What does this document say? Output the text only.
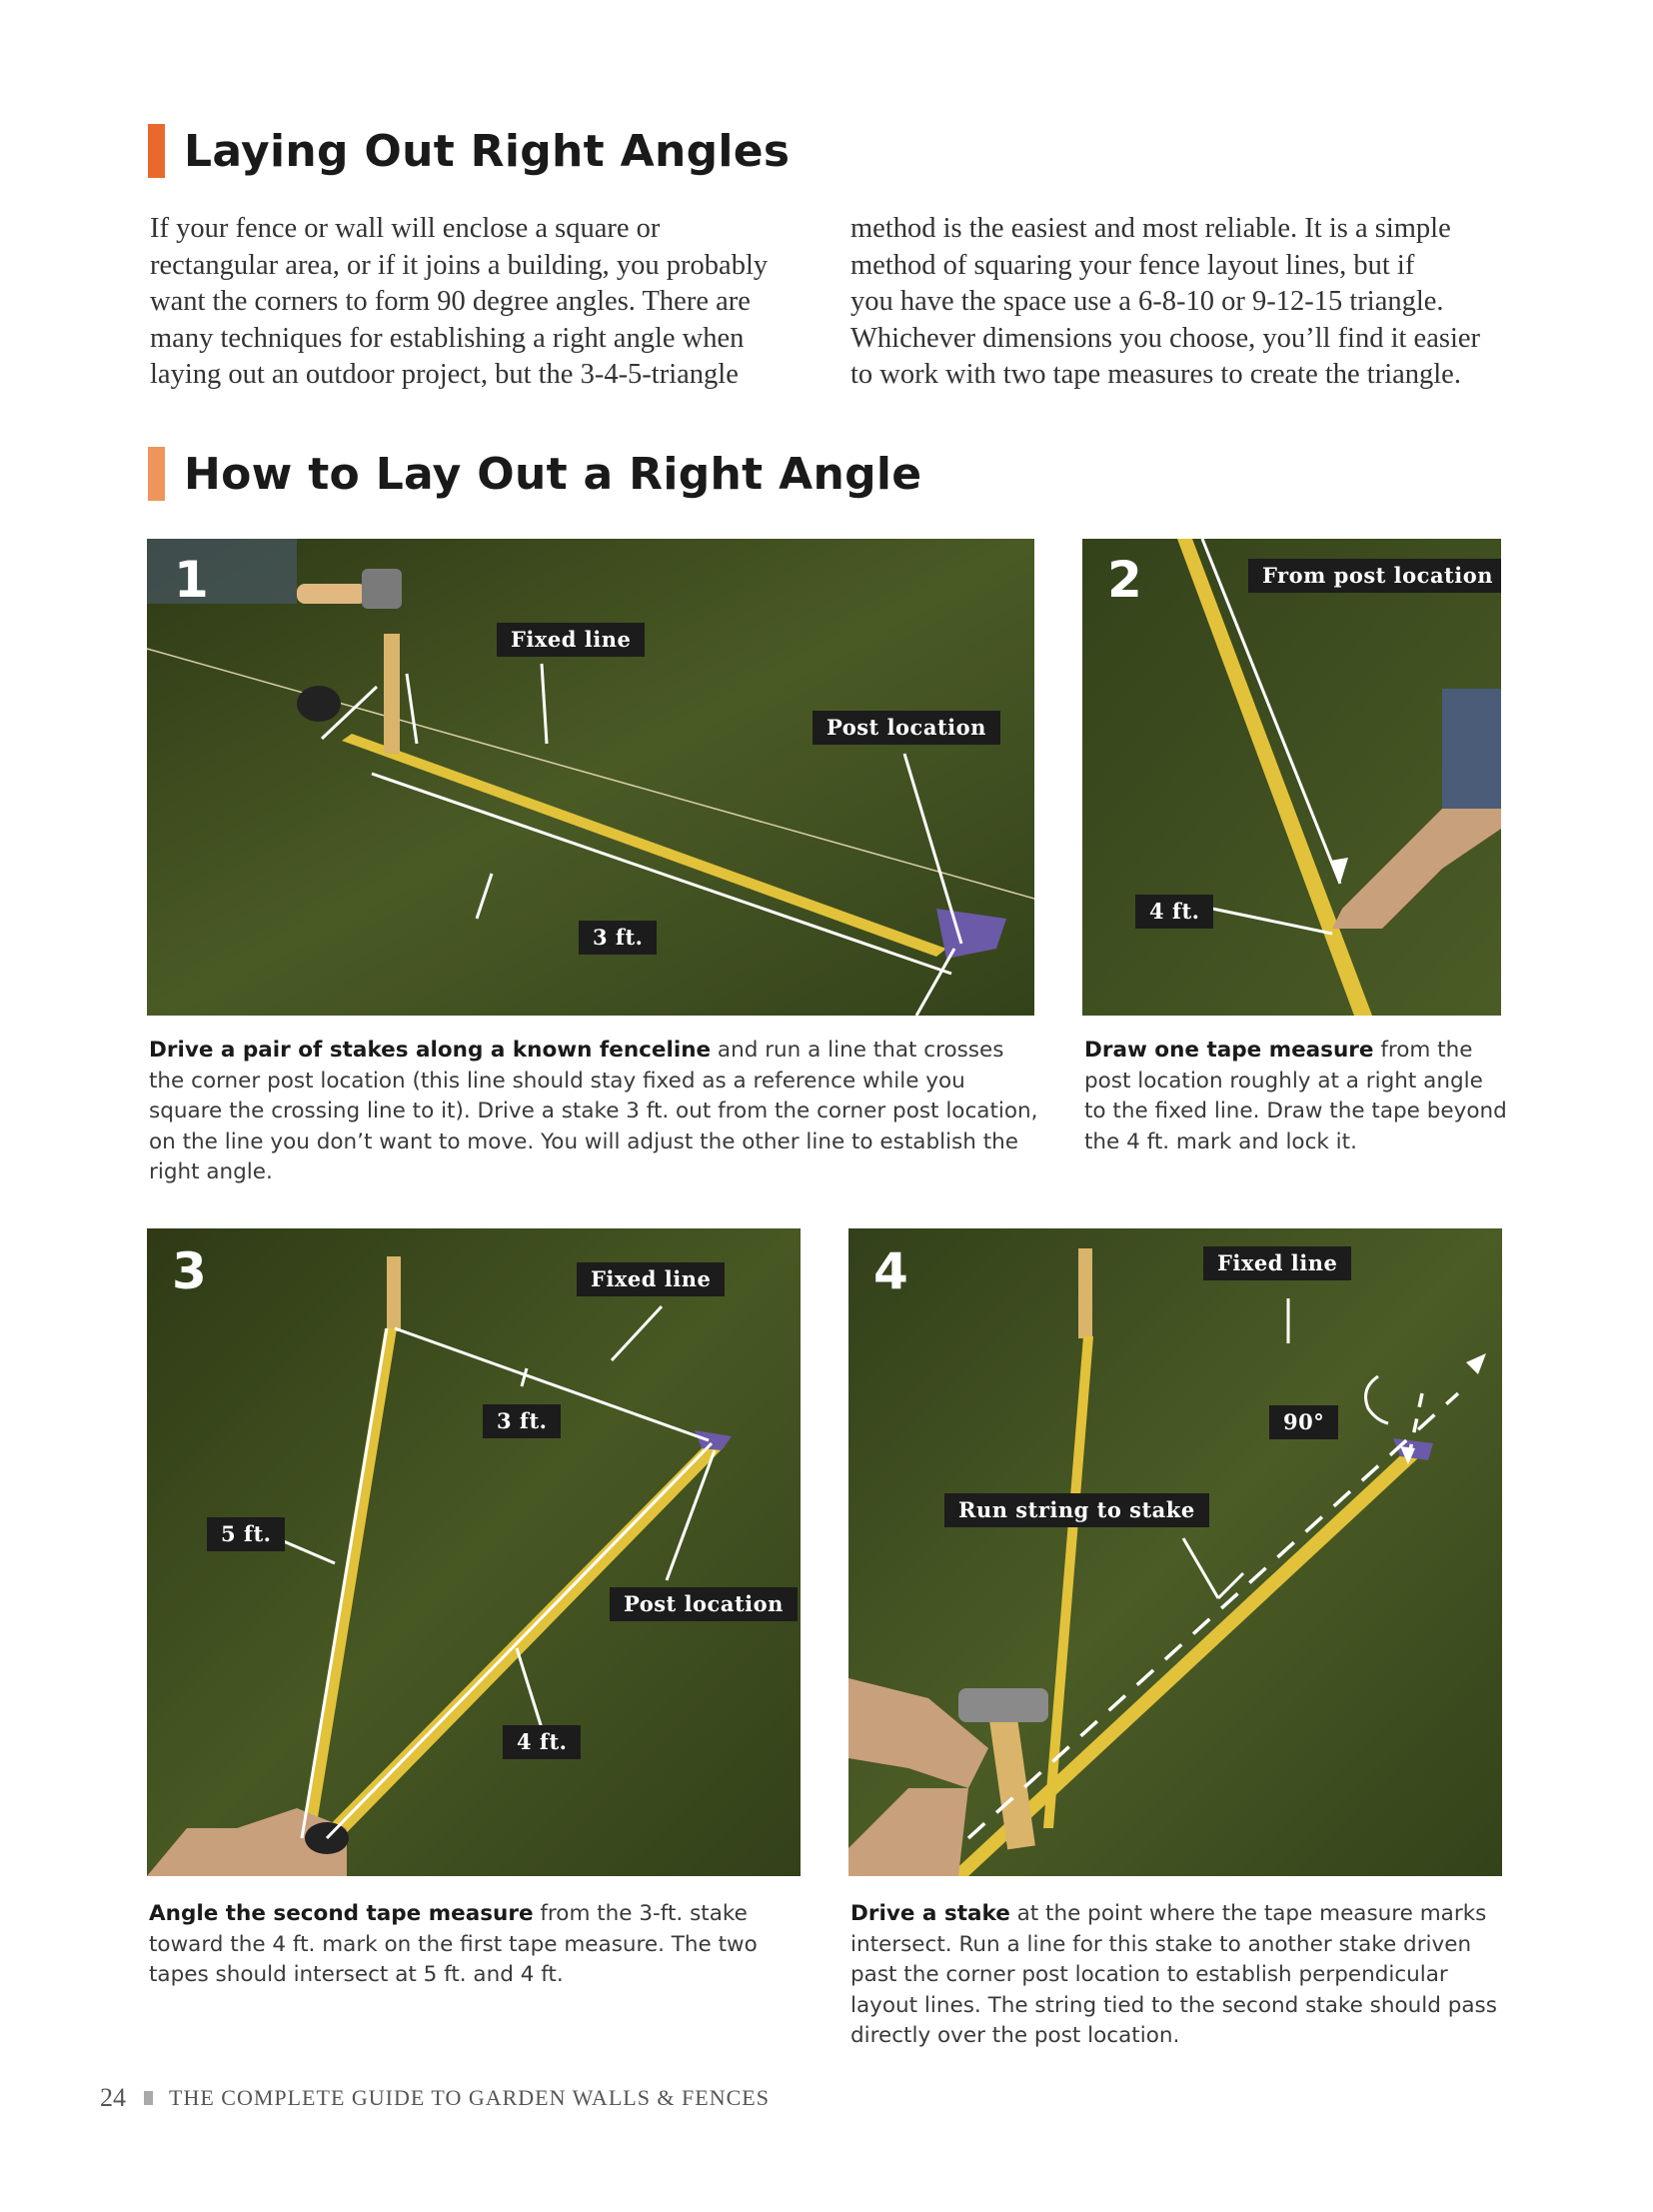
Laying Out Right Angles
If your fence or wall will enclose a square or
rectangular area, or if it joins a building, you probably
want the corners to form 90 degree angles. There are
many techniques for establishing a right angle when
laying out an outdoor project, but the 3-4-5-triangle
method is the easiest and most reliable. It is a simple
method of squaring your fence layout lines, but if
you have the space use a 6-8-10 or 9-12-15 triangle.
Whichever dimensions you choose, you’ll find it easier
to work with two tape measures to create the triangle.
How to Lay Out a Right Angle
1
Fixed line
Post location
3 ft.
2	From post location
4 ft.
Drive a pair of stakes along a known fenceline and run a line that crosses the corner post location (this line should stay fixed as a reference while you square the crossing line to it). Drive a stake 3 ft. out from the corner post location, on the line you don’t want to move. You will adjust the other line to establish the right angle.
Draw one tape measure from the post location roughly at a right angle to the fixed line. Draw the tape beyond the 4 ft. mark and lock it.
3	Fixed line
3 ft.
5 ft.
Post location
4 ft.
4	Fixed line
90°
Run string to stake
Angle the second tape measure from the 3-ft. stake toward the 4 ft. mark on the first tape measure. The two tapes should intersect at 5 ft. and 4 ft.
Drive a stake at the point where the tape measure marks intersect. Run a line for this stake to another stake driven past the corner post location to establish perpendicular layout lines. The string tied to the second stake should pass directly over the post location.
24 THE COMPLETE GUIDE TO GARDEN WALLS & FENCES
